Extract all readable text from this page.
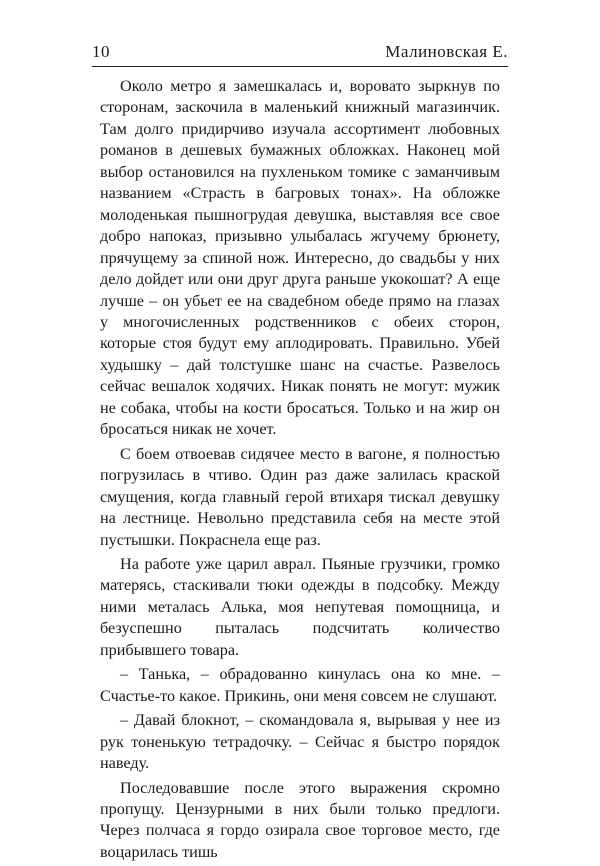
10	Малиновская Е.

Около метро я замешкалась и, воровато зыркнув по сторонам, заскочила в маленький книжный магазинчик. Там долго придирчиво изучала ассортимент любовных романов в дешевых бумажных обложках. Наконец мой выбор остановился на пухленьком томике с заманчивым названием «Страсть в багровых тонах». На обложке молоденькая пышногрудая девушка, выставляя все свое добро напоказ, призывно улыбалась жгучему брюнету, прячущему за спиной нож. Интересно, до свадьбы у них дело дойдет или они друг друга раньше укокошат? А еще лучше – он убьет ее на свадебном обеде прямо на глазах у многочисленных родственников с обеих сторон, которые стоя будут ему аплодировать. Правильно. Убей худышку – дай толстушке шанс на счастье. Развелось сейчас вешалок ходячих. Никак понять не могут: мужик не собака, чтобы на кости бросаться. Только и на жир он бросаться никак не хочет.

С боем отвоевав сидячее место в вагоне, я полностью погрузилась в чтиво. Один раз даже залилась краской смущения, когда главный герой втихаря тискал девушку на лестнице. Невольно представила себя на месте этой пустышки. Покраснела еще раз.

На работе уже царил аврал. Пьяные грузчики, громко матерясь, стаскивали тюки одежды в подсобку. Между ними металась Алька, моя непутевая помощница, и безуспешно пыталась подсчитать количество прибывшего товара.

– Танька, – обрадованно кинулась она ко мне. – Счастье-то какое. Прикинь, они меня совсем не слушают.

– Давай блокнот, – скомандовала я, вырывая у нее из рук тоненькую тетрадочку. – Сейчас я быстро порядок наведу.

Последовавшие после этого выражения скромно пропущу. Цензурными в них были только предлоги. Через полчаса я гордо озирала свое торговое место, где воцарилась тишь
